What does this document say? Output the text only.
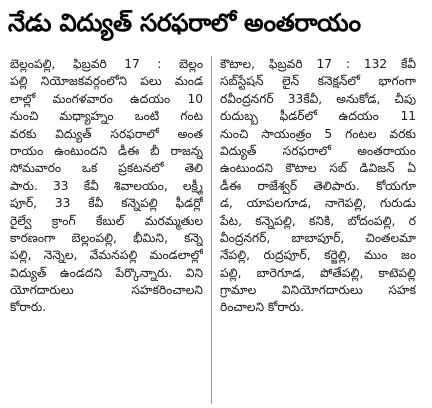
నేడు విద్యుత్ సరఫరాలో అంతరాయం
బెల్లంపల్లి, ఫిబ్రవరి 17 : బెల్లం
పల్లి నియోజకవర్గంలోని పలు మండ
లాల్లో మంగళవారం ఉదయం 10
నుంచి మధ్యాహ్నం ఒంటి గంట
వరకు విద్యుత్ సరఫరాలో అంత
రాయం ఉంటుందని డీఈ బీ రాజన్న
సోమవారం ఒక ప్రకటనలో తెలి
పారు. 33 కేవీ శివాలయం, లక్ష్మీ
పూర్, 33 కేవీ కన్నెపల్లి ఫీడర్లో
రైల్వే క్రాంగ్ కేబుల్ మరమ్మతుల
కారణంగా బెల్లంపల్లి, భీమిని, కన్నె
పల్లి, నెన్నెల, వేమనపల్లి మండలాల్లో
విద్యుత్ ఉండదని పేర్కొన్నారు. విని
యోగదారులు సహకరించాలని
కోరారు.
కౌటాల, ఫిబ్రవరి 17 : 132 కేవీ
సబ్‌స్టేషన్ లైన్ కనెక్షన్‌లో భాగంగా
రవీంద్రనగర్ 33కేవీ, అనుకోడ, చీపు
రుదుబ్బ ఫీడర్‌లో ఉదయం 11
నుంచి సాయంత్రం 5 గంటల వరకు
విద్యుత్ సరఫరాలో అంతరాయం
ఉంటుందని కౌటాల సబ్ డివిజన్ ఏ
డీఈ రాజేశ్వర్ తెలిపారు. కోయగూ
డ, యాపలగూడ, నాగెపల్లి, గురుడు
పేట, కన్నెపల్లి, కనికి, బోదంపల్లి, ర
వీంద్రనగర్, బాబాపూర్, చింతలమా
నేపల్లి, రుద్రపూర్, కర్జెల్లి, ముం జం
పల్లి, బారెగూడ, పోతేపల్లి, కాటెపల్లి
గ్రామాల వినియోగదారులు సహక
రించాలని కోరారు.
